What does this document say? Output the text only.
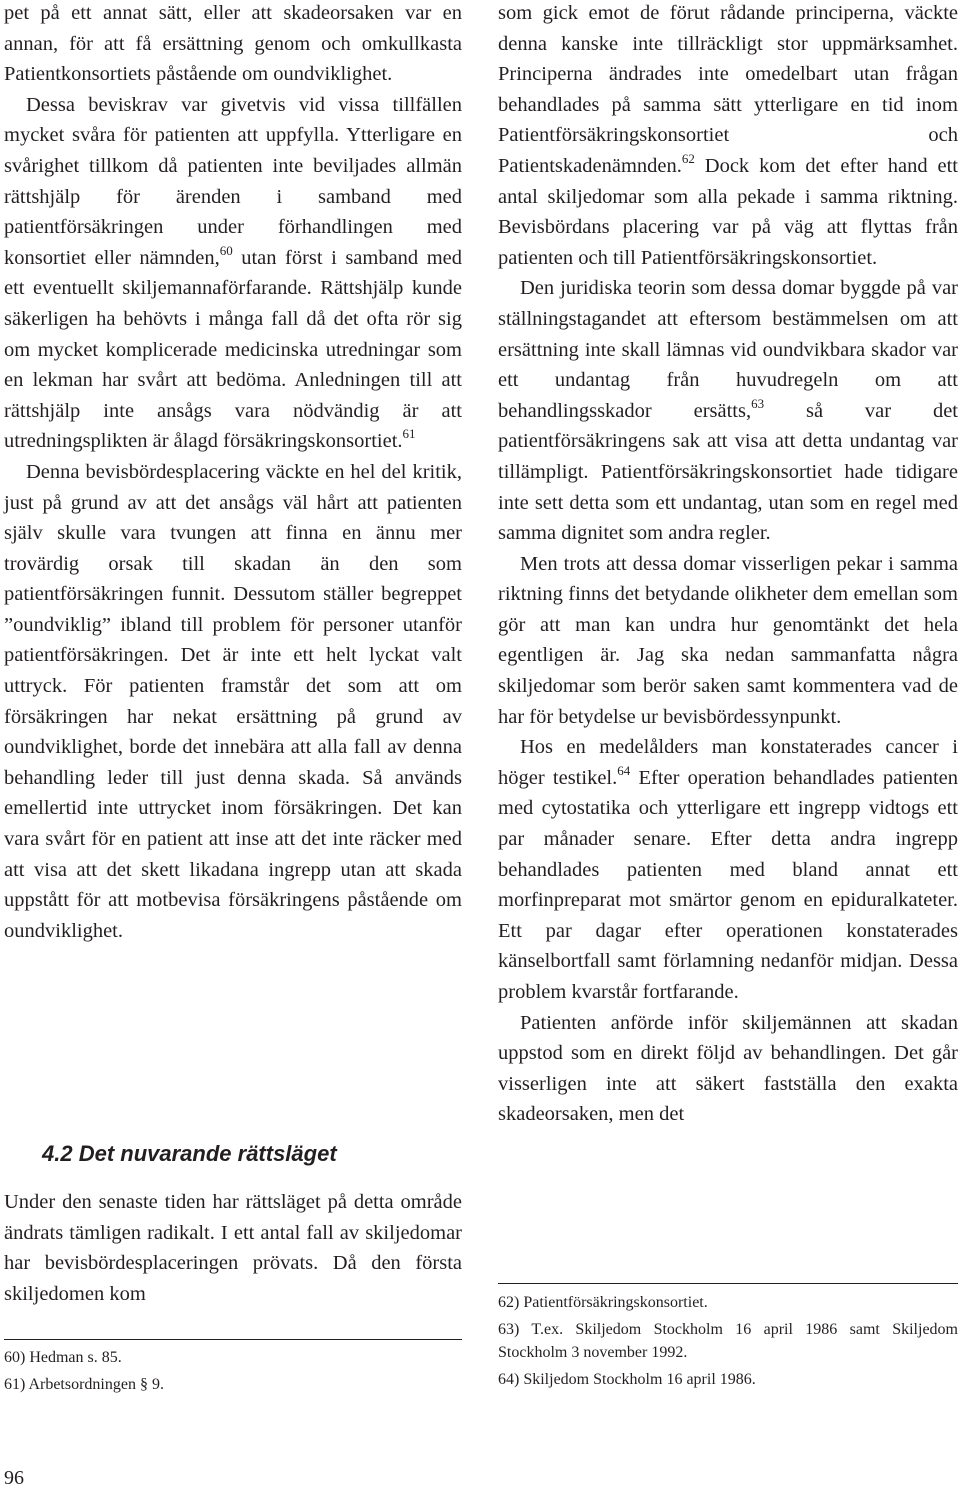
pet på ett annat sätt, eller att skadeorsaken var en annan, för att få ersättning genom och omkullkasta Patientkonsortiets påstående om oundviklighet.

Dessa beviskrav var givetvis vid vissa tillfällen mycket svåra för patienten att uppfylla. Ytterligare en svårighet tillkom då patienten inte beviljades allmän rättshjälp för ärenden i samband med patientförsäkringen under förhandlingen med konsortiet eller nämnden,$^{60}$ utan först i samband med ett eventuellt skiljemannaförfarande. Rättshjälp kunde säkerligen ha behövts i många fall då det ofta rör sig om mycket komplicerade medicinska utredningar som en lekman har svårt att bedöma. Anledningen till att rättshjälp inte ansågs vara nödvändig är att utredningsplikten är ålagd försäkringskonsortiet.$^{61}$

Denna bevisbördesplacering väckte en hel del kritik, just på grund av att det ansågs väl hårt att patienten själv skulle vara tvungen att finna en ännu mer trovärdig orsak till skadan än den som patientförsäkringen funnit. Dessutom ställer begreppet ”oundviklig” ibland till problem för personer utanför patientförsäkringen. Det är inte ett helt lyckat valt uttryck. För patienten framstår det som att om försäkringen har nekat ersättning på grund av oundviklighet, borde det innebära att alla fall av denna behandling leder till just denna skada. Så används emellertid inte uttrycket inom försäkringen. Det kan vara svårt för en patient att inse att det inte räcker med att visa att det skett likadana ingrepp utan att skada uppstått för att motbevisa försäkringens påstående om oundviklighet.

4.2 Det nuvarande rättsläget

Under den senaste tiden har rättsläget på detta område ändrats tämligen radikalt. I ett antal fall av skiljedomar har bevisbördesplaceringen prövats. Då den första skiljedomen kom

60) Hedman s. 85.
61) Arbetsordningen § 9.

som gick emot de förut rådande principerna, väckte denna kanske inte tillräckligt stor uppmärksamhet. Principerna ändrades inte omedelbart utan frågan behandlades på samma sätt ytterligare en tid inom Patientförsäkringskonsortiet och Patientskadenämnden.$^{62}$ Dock kom det efter hand ett antal skiljedomar som alla pekade i samma riktning. Bevisbördans placering var på väg att flyttas från patienten och till Patientförsäkringskonsortiet.

Den juridiska teorin som dessa domar byggde på var ställningstagandet att eftersom bestämmelsen om att ersättning inte skall lämnas vid oundvikbara skador var ett undantag från huvudregeln om att behandlingsskador ersätts,$^{63}$ så var det patientförsäkringens sak att visa att detta undantag var tillämpligt. Patientförsäkringskonsortiet hade tidigare inte sett detta som ett undantag, utan som en regel med samma dignitet som andra regler.

Men trots att dessa domar visserligen pekar i samma riktning finns det betydande olikheter dem emellan som gör att man kan undra hur genomtänkt det hela egentligen är. Jag ska nedan sammanfatta några skiljedomar som berör saken samt kommentera vad de har för betydelse ur bevisbördessynpunkt.

Hos en medelålders man konstaterades cancer i höger testikel.$^{64}$ Efter operation behandlades patienten med cytostatika och ytterligare ett ingrepp vidtogs ett par månader senare. Efter detta andra ingrepp behandlades patienten med bland annat ett morfinpreparat mot smärtor genom en epiduralkateter. Ett par dagar efter operationen konstaterades känselbortfall samt förlamning nedanför midjan. Dessa problem kvarstår fortfarande.

Patienten anförde inför skiljemännen att skadan uppstod som en direkt följd av behandlingen. Det går visserligen inte att säkert fastställa den exakta skadeorsaken, men det

62) Patientförsäkringskonsortiet.
63) T.ex. Skiljedom Stockholm 16 april 1986 samt Skiljedom Stockholm 3 november 1992.
64) Skiljedom Stockholm 16 april 1986.
96
